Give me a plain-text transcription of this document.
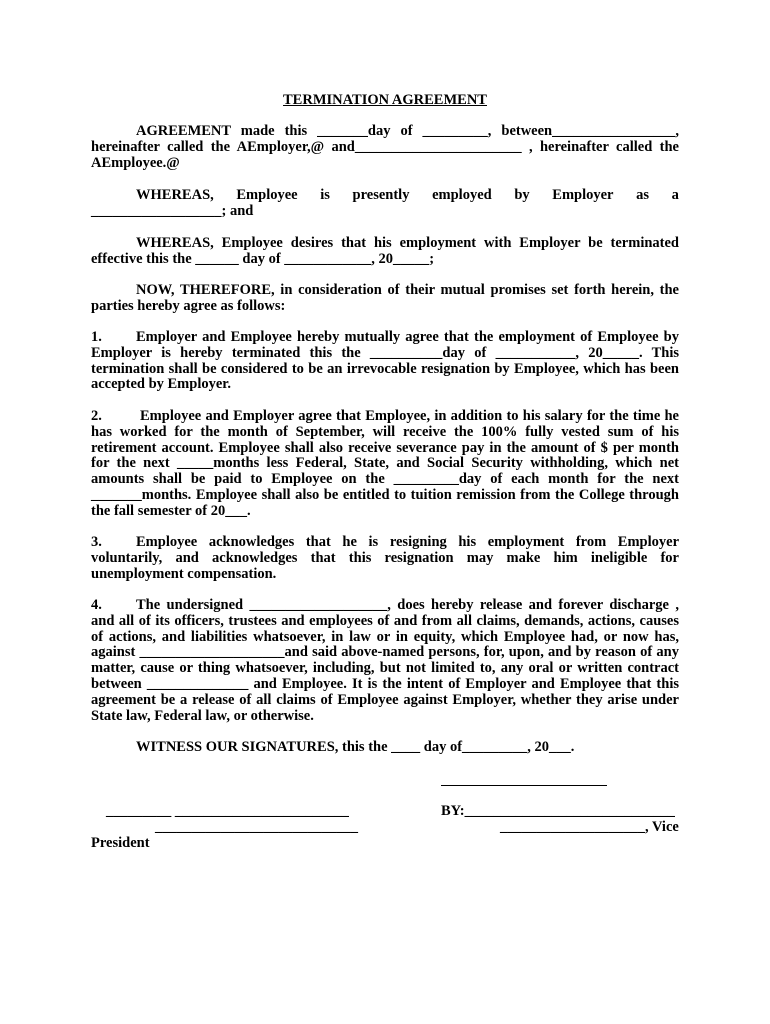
TERMINATION AGREEMENT

AGREEMENT made this _______day of _________, between_________________, hereinafter called the AEmployer,@ and_______________________ , hereinafter called the AEmployee.@

WHEREAS, Employee is presently employed by Employer as a
__________________; and

WHEREAS, Employee desires that his employment with Employer be terminated effective this the ______ day of ____________, 20_____;

NOW, THEREFORE, in consideration of their mutual promises set forth herein, the parties hereby agree as follows:

1. Employer and Employee hereby mutually agree that the employment of Employee by Employer is hereby terminated this the __________day of ___________, 20_____. This termination shall be considered to be an irrevocable resignation by Employee, which has been accepted by Employer.

2.	Employee and Employer agree that Employee, in addition to his salary for the time he has worked for the month of September, will receive the 100% fully vested sum of his retirement account. Employee shall also receive severance pay in the amount of $ per month for the next _____months less Federal, State, and Social Security withholding, which net amounts shall be paid to Employee on the _________day of each month for the next _______months. Employee shall also be entitled to tuition remission from the College through the fall semester of 20___.

3. Employee acknowledges that he is resigning his employment from Employer voluntarily, and acknowledges that this resignation may make him ineligible for unemployment compensation.

4. The undersigned ___________________, does hereby release and forever discharge , and all of its officers, trustees and employees of and from all claims, demands, actions, causes of actions, and liabilities whatsoever, in law or in equity, which Employee had, or now has, against ____________________and said above-named persons, for, upon, and by reason of any matter, cause or thing whatsoever, including, but not limited to, any oral or written contract between ______________ and Employee. It is the intent of Employer and Employee that this agreement be a release of all claims of Employee against Employer, whether they arise under State law, Federal law, or otherwise.

WITNESS OUR SIGNATURES, this the ____ day of_________, 20___.

_________ ________________________	BY:_____________________________
____________________________	____________________, Vice
President
